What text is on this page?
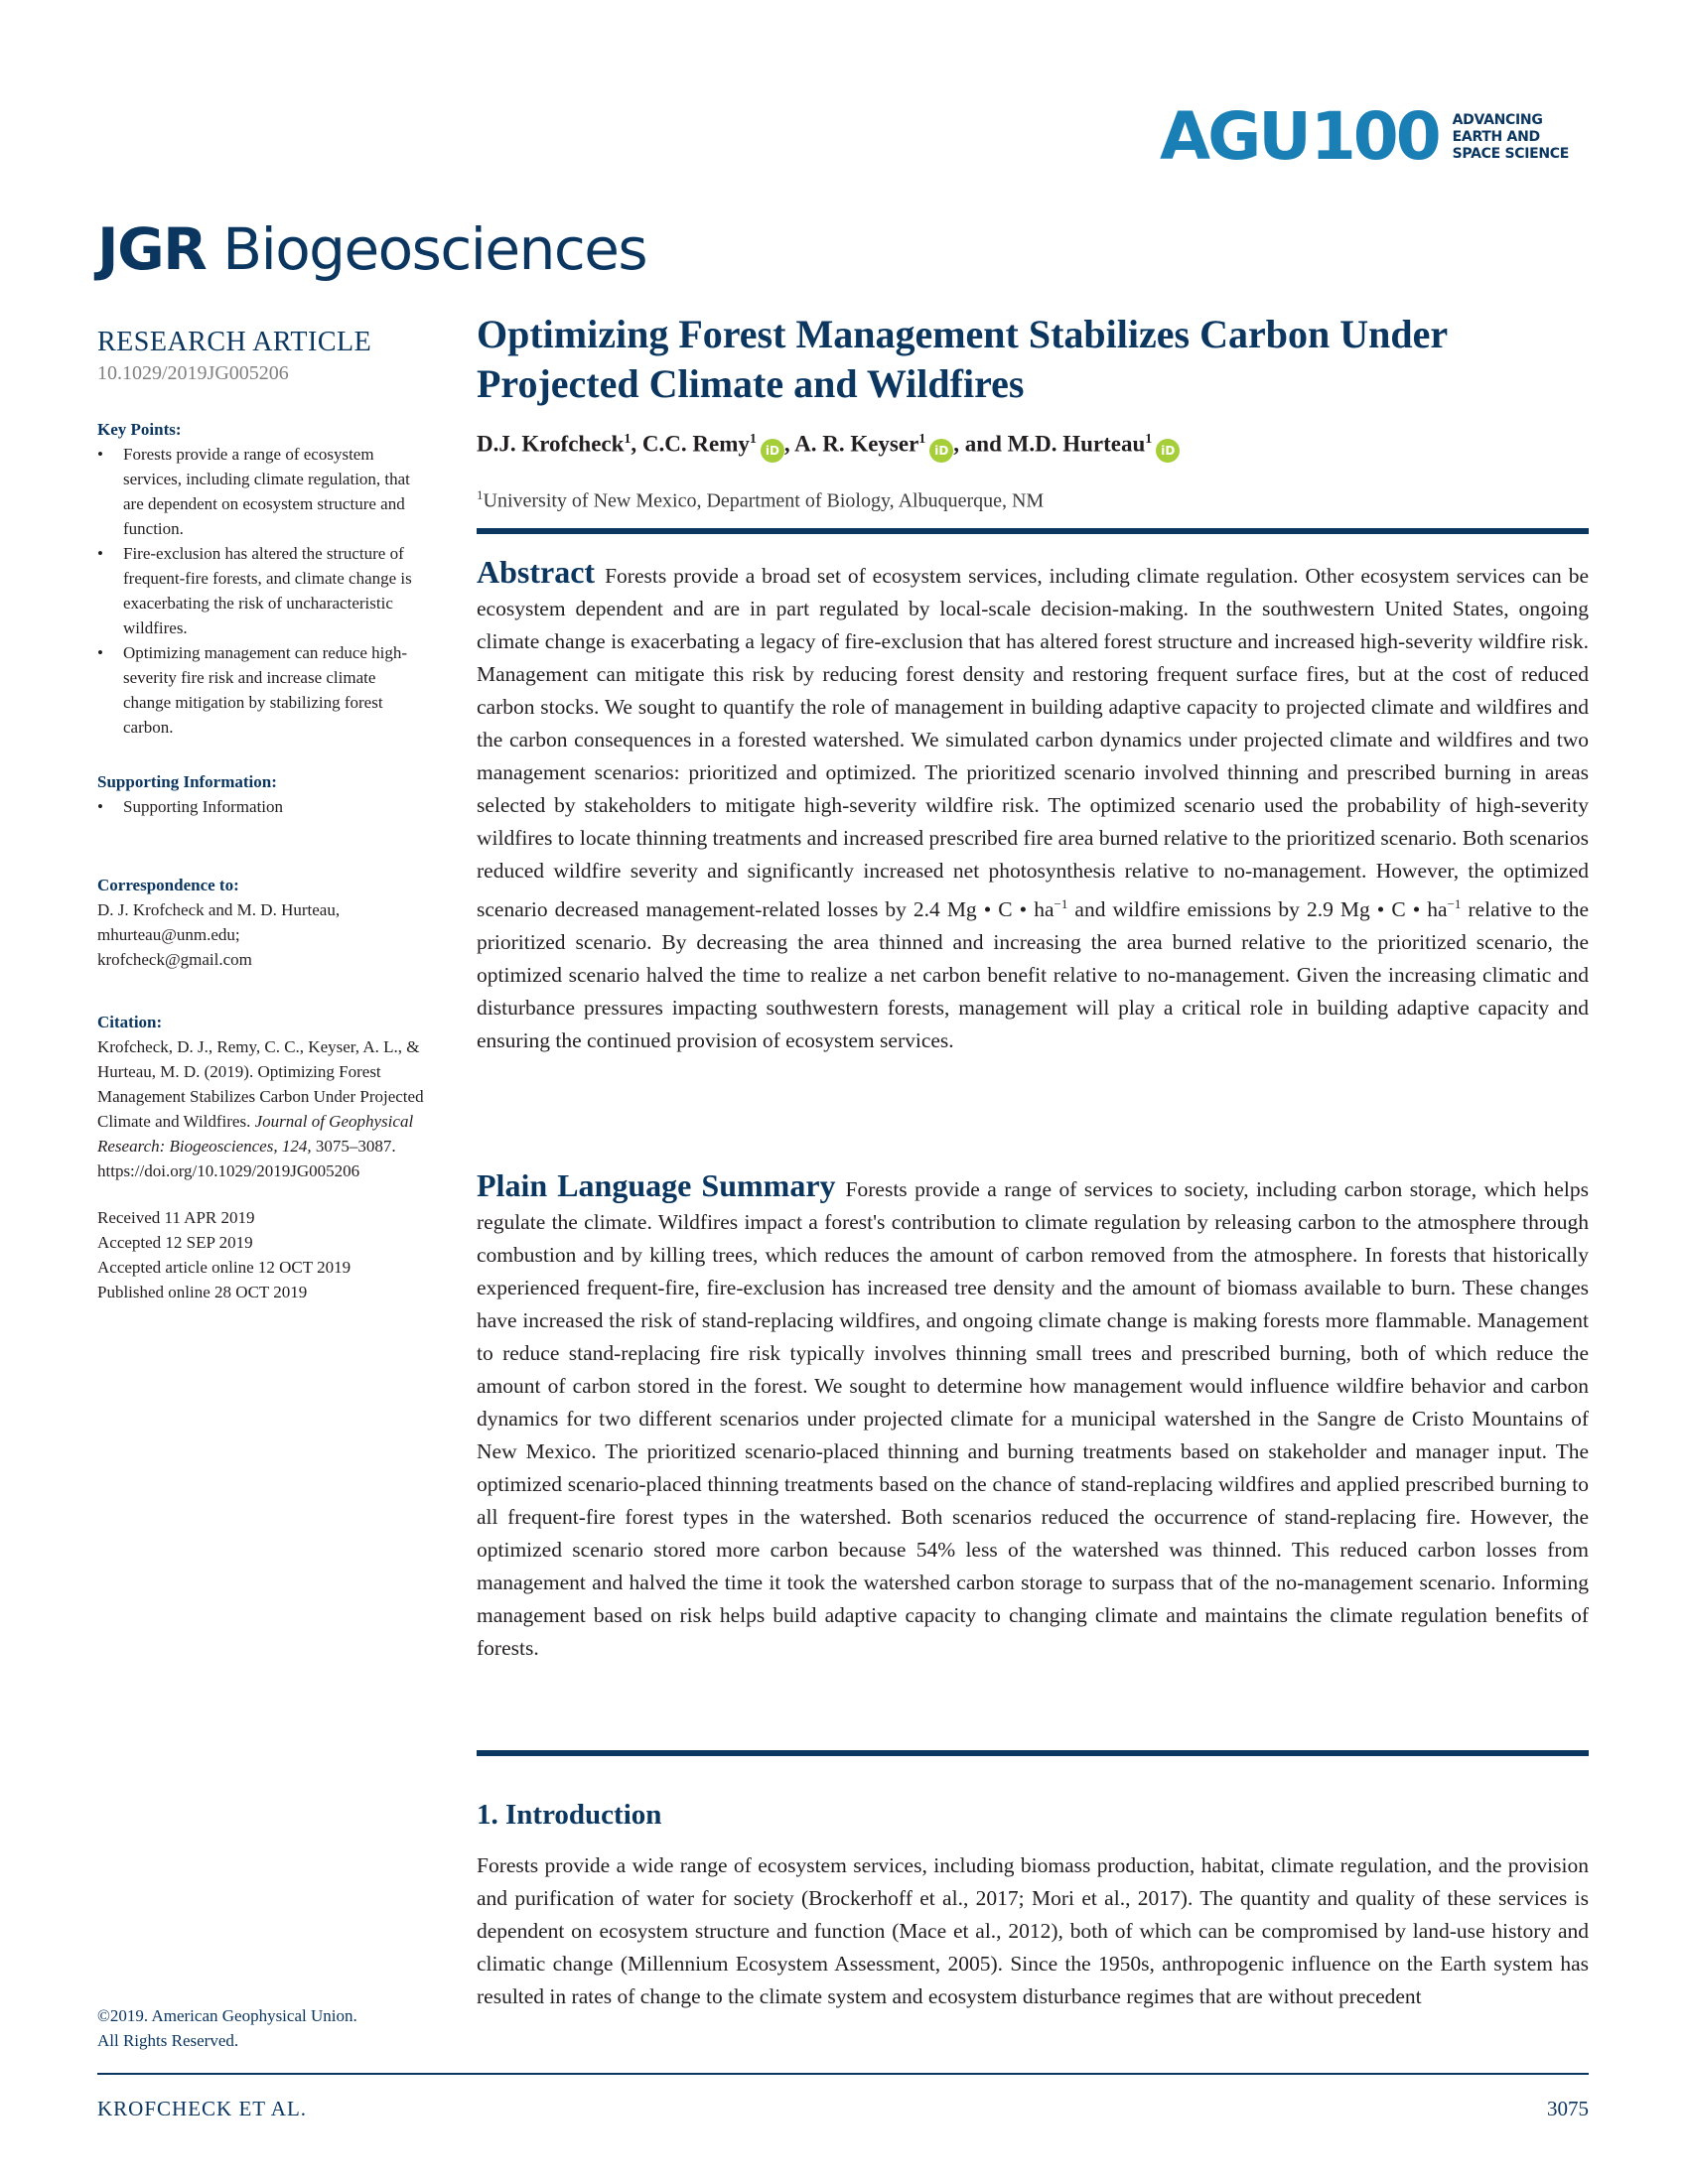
AGU 100 ADVANCING
EARTH AND
SPACE SCIENCE
JGR Biogeosciences
RESEARCH ARTICLE
10.1029/2019JG005206
Key Points:
• Forests provide a range of ecosystem services, including climate regulation, that are dependent on ecosystem structure and function.
• Fire-exclusion has altered the structure of frequent-fire forests, and climate change is exacerbating the risk of uncharacteristic wildfires.
• Optimizing management can reduce high-severity fire risk and increase climate change mitigation by stabilizing forest carbon.
Supporting Information:
• Supporting Information
Correspondence to:
D. J. Krofcheck and M. D. Hurteau,
mhurteau@unm.edu;
krofcheck@gmail.com
Citation:
Krofcheck, D. J., Remy, C. C., Keyser, A. L., & Hurteau, M. D. (2019). Optimizing Forest Management Stabilizes Carbon Under Projected Climate and Wildfires. Journal of Geophysical Research: Biogeosciences, 124, 3075–3087. https://doi.org/10.1029/2019JG005206
Received 11 APR 2019
Accepted 12 SEP 2019
Accepted article online 12 OCT 2019
Published online 28 OCT 2019
©2019. American Geophysical Union.
All Rights Reserved.
Optimizing Forest Management Stabilizes Carbon Under Projected Climate and Wildfires
D.J. Krofcheck$^1$, C.C. Remy$^1$iD , A. R. Keyser$^1$iD , and M.D. Hurteau$^1$iD
$^1$University of New Mexico, Department of Biology, Albuquerque, NM
Abstract Forests provide a broad set of ecosystem services, including climate regulation. Other ecosystem services can be ecosystem dependent and are in part regulated by local-scale decision-making. In the southwestern United States, ongoing climate change is exacerbating a legacy of fire-exclusion that has altered forest structure and increased high-severity wildfire risk. Management can mitigate this risk by reducing forest density and restoring frequent surface fires, but at the cost of reduced carbon stocks. We sought to quantify the role of management in building adaptive capacity to projected climate and wildfires and the carbon consequences in a forested watershed. We simulated carbon dynamics under projected climate and wildfires and two management scenarios: prioritized and optimized. The prioritized scenario involved thinning and prescribed burning in areas selected by stakeholders to mitigate high-severity wildfire risk. The optimized scenario used the probability of high-severity wildfires to locate thinning treatments and increased prescribed fire area burned relative to the prioritized scenario. Both scenarios reduced wildfire severity and significantly increased net photosynthesis relative to no-management. However, the optimized scenario decreased management-related losses by 2.4 Mg • C • $ha^{-1}$ and wildfire emissions by 2.9 Mg • C • $ha^{-1}$ relative to the prioritized scenario. By decreasing the area thinned and increasing the area burned relative to the prioritized scenario, the optimized scenario halved the time to realize a net carbon benefit relative to no-management. Given the increasing climatic and disturbance pressures impacting southwestern forests, management will play a critical role in building adaptive capacity and ensuring the continued provision of ecosystem services.
Plain Language Summary Forests provide a range of services to society, including carbon storage, which helps regulate the climate. Wildfires impact a forest's contribution to climate regulation by releasing carbon to the atmosphere through combustion and by killing trees, which reduces the amount of carbon removed from the atmosphere. In forests that historically experienced frequent-fire, fire-exclusion has increased tree density and the amount of biomass available to burn. These changes have increased the risk of stand-replacing wildfires, and ongoing climate change is making forests more flammable. Management to reduce stand-replacing fire risk typically involves thinning small trees and prescribed burning, both of which reduce the amount of carbon stored in the forest. We sought to determine how management would influence wildfire behavior and carbon dynamics for two different scenarios under projected climate for a municipal watershed in the Sangre de Cristo Mountains of New Mexico. The prioritized scenario-placed thinning and burning treatments based on stakeholder and manager input. The optimized scenario-placed thinning treatments based on the chance of stand-replacing wildfires and applied prescribed burning to all frequent-fire forest types in the watershed. Both scenarios reduced the occurrence of stand-replacing fire. However, the optimized scenario stored more carbon because 54% less of the watershed was thinned. This reduced carbon losses from management and halved the time it took the watershed carbon storage to surpass that of the no-management scenario. Informing management based on risk helps build adaptive capacity to changing climate and maintains the climate regulation benefits of forests.
1. Introduction
Forests provide a wide range of ecosystem services, including biomass production, habitat, climate regulation, and the provision and purification of water for society (Brockerhoff et al., 2017; Mori et al., 2017). The quantity and quality of these services is dependent on ecosystem structure and function (Mace et al., 2012), both of which can be compromised by land-use history and climatic change (Millennium Ecosystem Assessment, 2005). Since the 1950s, anthropogenic influence on the Earth system has resulted in rates of change to the climate system and ecosystem disturbance regimes that are without precedent
KROFCHECK ET AL.	3075
